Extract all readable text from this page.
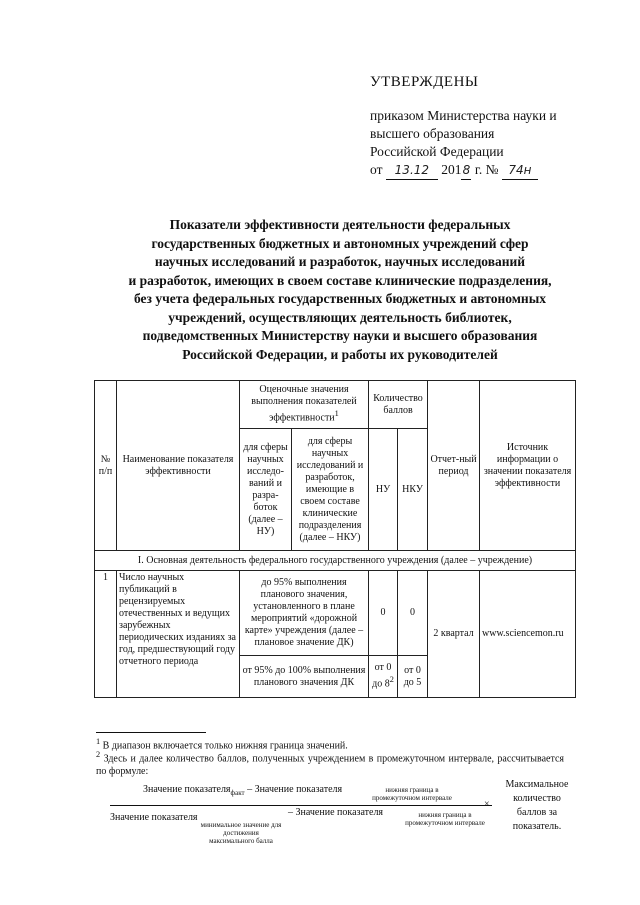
УТВЕРЖДЕНЫ
приказом Министерства науки и
высшего образования
Российской Федерации
от 13.12 2018 г. № 74н
Показатели эффективности деятельности федеральных
государственных бюджетных и автономных учреждений сфер
научных исследований и разработок, научных исследований
и разработок, имеющих в своем составе клинические подразделения,
без учета федеральных государственных бюджетных и автономных
учреждений, осуществляющих деятельность библиотек,
подведомственных Министерству науки и высшего образования
Российской Федерации, и работы их руководителей
№ п/п	Наименование показателя эффективности	Оценочные значения выполнения показателей эффективности$^1$		Количество баллов		Отчет-ный период	Источник информации о значении показателя эффективности
		для сферы научных исследо-ваний и разра-боток (далее – НУ)	для сферы научных исследований и разработок, имеющие в своем составе клинические подразделения (далее – НКУ)	НУ	НКУ		
I. Основная деятельность федерального государственного учреждения (далее – учреждение)							
1	Число научных публикаций в рецензируемых отечественных и ведущих зарубежных периодических изданиях за год, предшествующий году отчетного периода	до 95% выполнения планового значения, установленного в плане мероприятий «дорожной карте» учреждения (далее – плановое значение ДК)		0	0	2 квартал	www.sciencemon.ru
		от 95% до 100% выполнения планового значения ДК		от 0 до $8^2$	от 0 до 5		
$^1$ В диапазон включается только нижняя граница значений.
$^2$ Здесь и далее количество баллов, полученных учреждением в промежуточном интервале, рассчитывается по формуле:
Значение показателя$_{факт}$ – Значение показателя	нижняя граница в промежуточном интервале
×
Значение показателя
минимальное значение для достижения максимального балла
– Значение показателя	нижняя граница в промежуточном интервале
Максимальное количество баллов за показатель.
